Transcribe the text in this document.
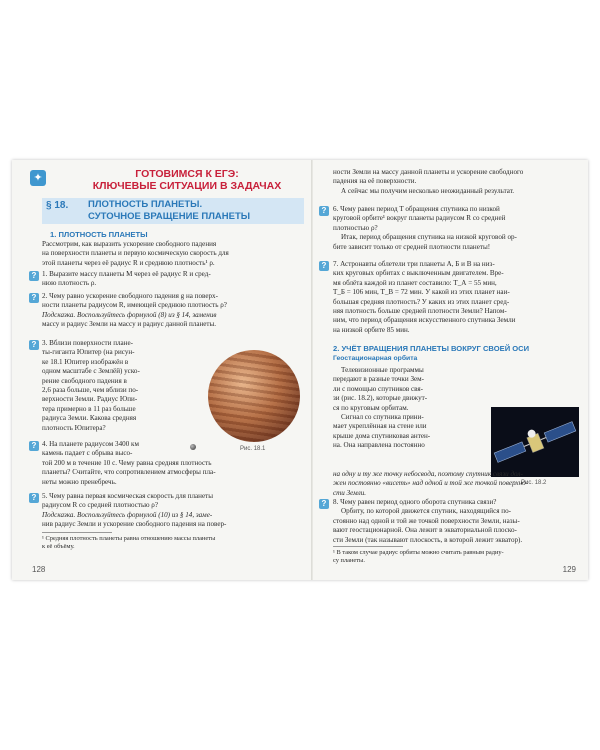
✦	ГОТОВИМСЯ К ЕГЭ:
КЛЮЧЕВЫЕ СИТУАЦИИ В ЗАДАЧАХ
§ 18. ПЛОТНОСТЬ ПЛАНЕТЫ.
СУТОЧНОЕ ВРАЩЕНИЕ ПЛАНЕТЫ
1. ПЛОТНОСТЬ ПЛАНЕТЫ
Рассмотрим, как выразить ускорение свободного падения
на поверхности планеты и первую космическую скорость для
этой планеты через её радиус R и среднюю плотность¹ ρ.
? 1. Выразите массу планеты M через её радиус R и сред-
нюю плотность ρ.
? 2. Чему равно ускорение свободного падения g на поверх-
ности планеты радиусом R, имеющей среднюю плотность ρ?
Подсказка. Воспользуйтесь формулой (8) из § 14, заменив
массу и радиус Земли на массу и радиус данной планеты.
? 3. Вблизи поверхности плане-
ты-гиганта Юпитер (на рисун-
ке 18.1 Юпитер изображён в
одном масштабе с Землёй) уско-
рение свободного падения в
2,6 раза больше, чем вблизи по-
верхности Земли. Радиус Юпи-
тера примерно в 11 раз больше
радиуса Земли. Какова средняя
плотность Юпитера?
Рис. 18.1
? 4. На планете радиусом 3400 км
камень падает с обрыва высо-
той 200 м в течение 10 с. Чему равна средняя плотность
планеты? Считайте, что сопротивлением атмосферы пла-
неты можно пренебречь.
? 5. Чему равна первая космическая скорость для планеты
радиусом R со средней плотностью ρ?
Подсказка. Воспользуйтесь формулой (10) из § 14, заме-
нив радиус Земли и ускорение свободного падения на повер-
¹ Средняя плотность планеты равна отношению массы планеты
к её объёму.
128
ности Земли на массу данной планеты и ускорение свободного
падения на её поверхности.
А сейчас мы получим несколько неожиданный результат.
? 6. Чему равен период T обращения спутника по низкой
круговой орбите¹ вокруг планеты радиусом R со средней
плотностью ρ?
Итак, период обращения спутника на низкой круговой ор-
бите зависит только от средней плотности планеты!
? 7. Астронавты облетели три планеты А, Б и В на низ-
ких круговых орбитах с выключенным двигателем. Вре-
мя облёта каждой из планет составило: T_А = 55 мин,
T_Б = 106 мин, T_В = 72 мин. У какой из этих планет наи-
большая средняя плотность? У каких из этих планет сред-
няя плотность больше средней плотности Земли? Напом-
ним, что период обращения искусственного спутника Земли
на низкой орбите 85 мин.
2. УЧЁТ ВРАЩЕНИЯ ПЛАНЕТЫ ВОКРУГ СВОЕЙ ОСИ
Геостационарная орбита
Телевизионные программы
передают в разные точки Зем-
ли с помощью спутников свя-
зи (рис. 18.2), которые движут-
ся по круговым орбитам.
Сигнал со спутника прини-
мает укреплённая на стене или
крыше дома спутниковая антен-
на. Она направлена постоянно
Рис. 18.2

на одну и ту же точку небосвода, поэтому спутник связи дол-
жен постоянно «висеть» над одной и той же точкой поверхно-
сти Земли.
? 8. Чему равен период одного оборота спутника связи?
Орбиту, по которой движется спутник, находящийся по-
стоянно над одной и той же точкой поверхности Земли, назы-
вают геостационарной. Она лежит в экваториальной плоско-
сти Земли (так называют плоскость, в которой лежит экватор).
¹ В таком случае радиус орбиты можно считать равным радиу-
су планеты.
129
